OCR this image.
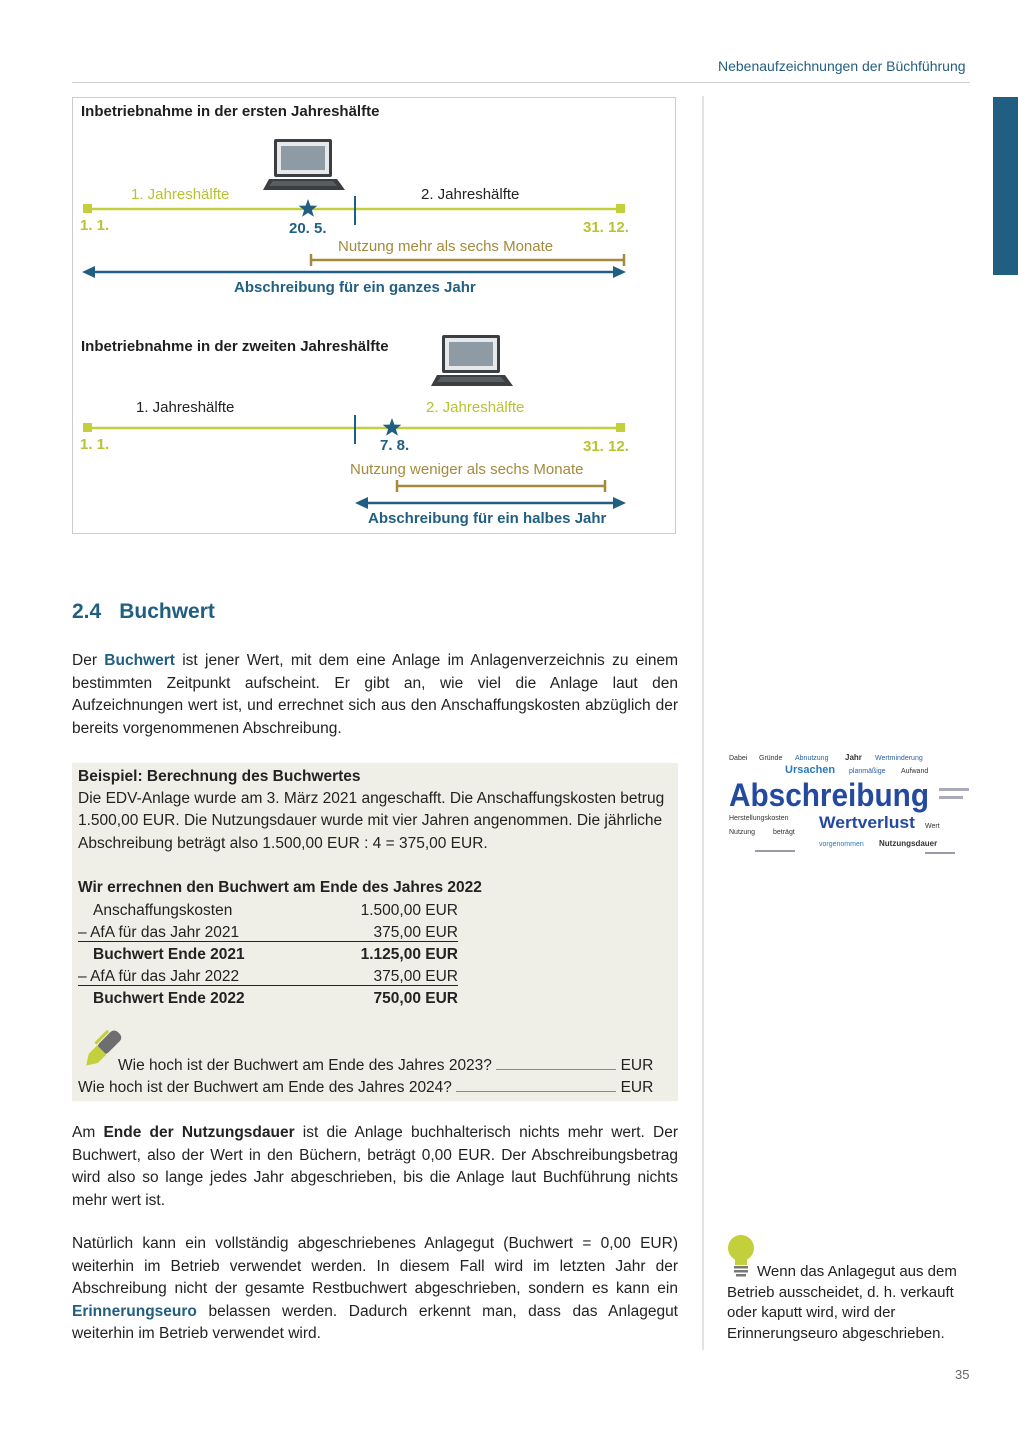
Nebenaufzeichnungen der Büchführung
Inbetriebnahme in der ersten Jahreshälfte
1. Jahreshälfte	2. Jahreshälfte
1. 1.	20. 5.	31. 12.
Nutzung mehr als sechs Monate
Abschreibung für ein ganzes Jahr
Inbetriebnahme in der zweiten Jahreshälfte
1. Jahreshälfte	2. Jahreshälfte
1. 1.	7. 8.	31. 12.
Nutzung weniger als sechs Monate
Abschreibung für ein halbes Jahr
2.4 Buchwert
Der Buchwert ist jener Wert, mit dem eine Anlage im Anlagenverzeichnis zu einem bestimmten Zeitpunkt aufscheint. Er gibt an, wie viel die Anlage laut den Aufzeichnungen wert ist, und errechnet sich aus den Anschaffungskosten abzüglich der bereits vorgenommenen Abschreibung.
Beispiel: Berechnung des Buchwertes
Die EDV-Anlage wurde am 3. März 2021 angeschafft. Die Anschaffungskosten betrug 1.500,00 EUR. Die Nutzungsdauer wurde mit vier Jahren angenommen. Die jährliche Abschreibung beträgt also 1.500,00 EUR : 4 = 375,00 EUR.
Wir errechnen den Buchwert am Ende des Jahres 2022
Anschaffungskosten	1.500,00 EUR
– AfA für das Jahr 2021	375,00 EUR
Buchwert Ende 2021	1.125,00 EUR
– AfA für das Jahr 2022	375,00 EUR
Buchwert Ende 2022	750,00 EUR
Wie hoch ist der Buchwert am Ende des Jahres 2023?	EUR
Wie hoch ist der Buchwert am Ende des Jahres 2024?	EUR
Am Ende der Nutzungsdauer ist die Anlage buchhalterisch nichts mehr wert. Der Buchwert, also der Wert in den Büchern, beträgt 0,00 EUR. Der Abschreibungsbetrag wird also so lange jedes Jahr abgeschrieben, bis die Anlage laut Buchführung nichts mehr wert ist.
Natürlich kann ein vollständig abgeschriebenes Anlagegut (Buchwert = 0,00 EUR) weiterhin im Betrieb verwendet werden. In diesem Fall wird im letzten Jahr der Abschreibung nicht der gesamte Restbuchwert abgeschrieben, sondern es kann ein Erinnerungseuro belassen werden. Dadurch erkennt man, dass das Anlagegut weiterhin im Betrieb verwendet wird.
Dabei Gründe Abnutzung Jahr Wertminderung
Ursachen planmäßige Aufwand
Abschreibung
Herstellungskosten Wertverlust Wert
Nutzung	beträgt
vorgenommen Nutzungsdauer
Wenn das Anlagegut aus dem Betrieb ausscheidet, d. h. verkauft oder kaputt wird, wird der Erinnerungseuro abgeschrieben.
35
